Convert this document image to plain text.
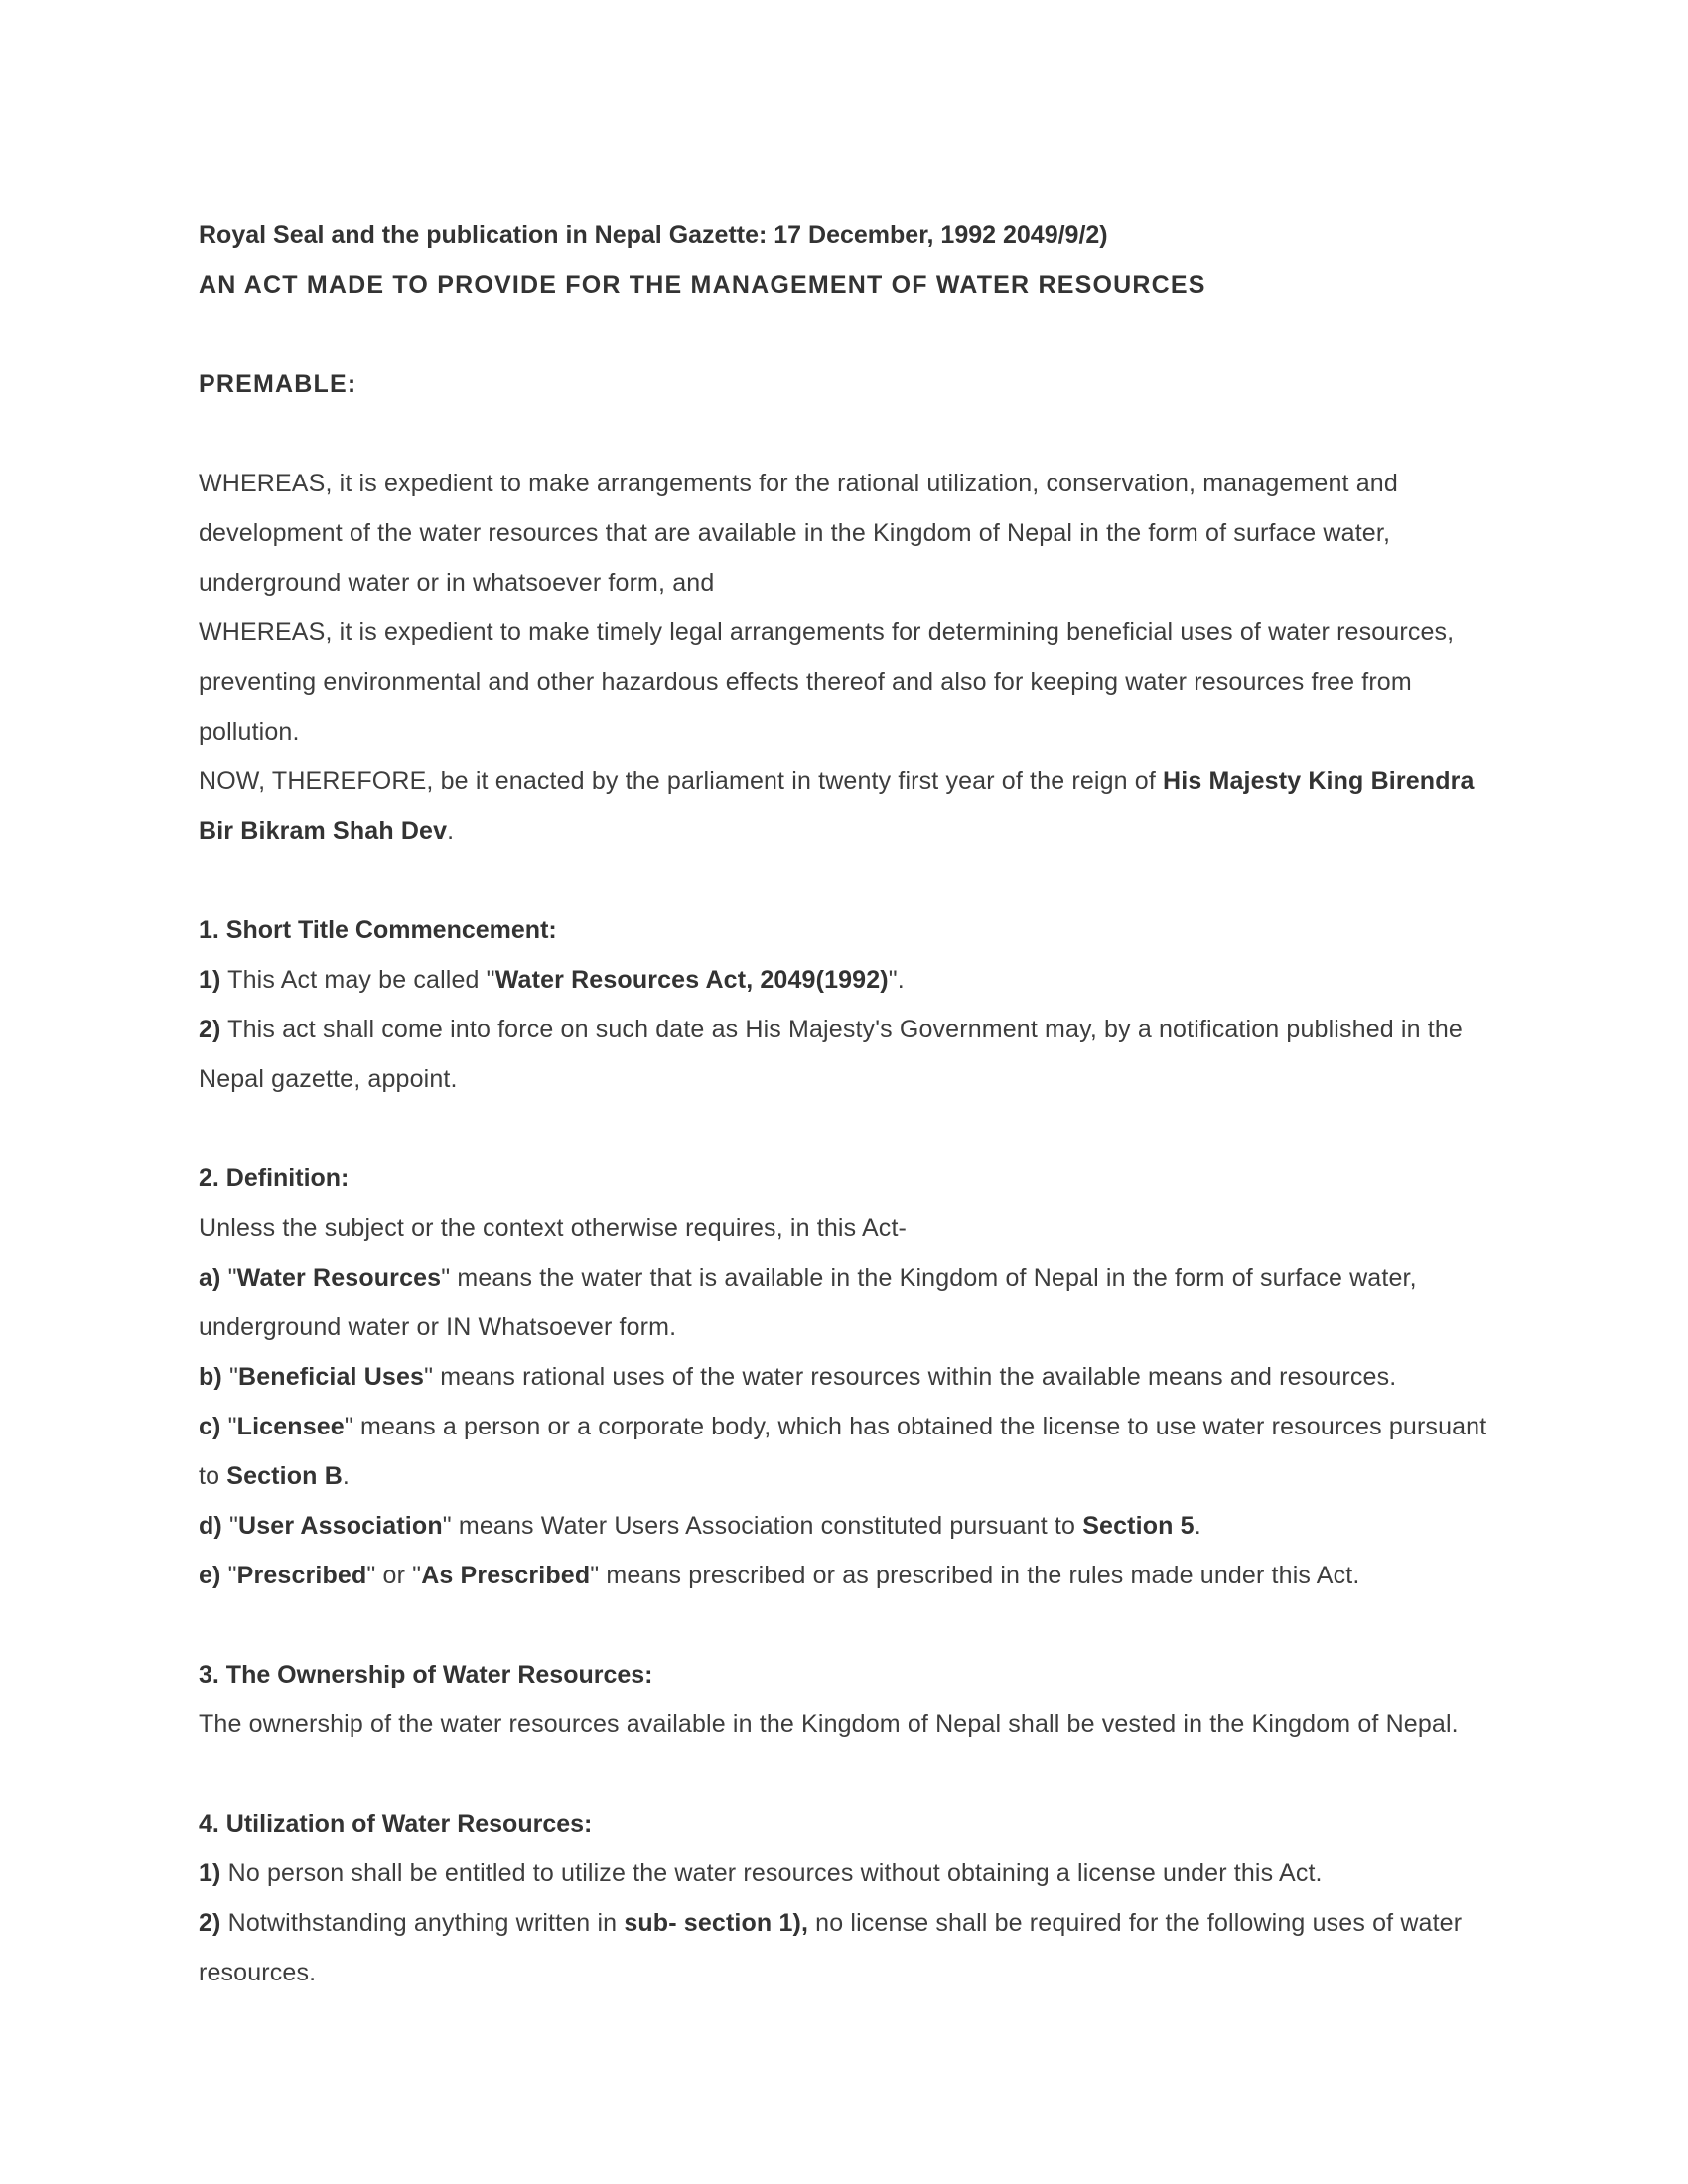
Royal Seal and the publication in Nepal Gazette: 17 December, 1992 2049/9/2)

AN ACT MADE TO PROVIDE FOR THE MANAGEMENT OF WATER RESOURCES

PREMABLE:

WHEREAS, it is expedient to make arrangements for the rational utilization, conservation, management and development of the water resources that are available in the Kingdom of Nepal in the form of surface water, underground water or in whatsoever form, and

WHEREAS, it is expedient to make timely legal arrangements for determining beneficial uses of water resources, preventing environmental and other hazardous effects thereof and also for keeping water resources free from pollution.

NOW, THEREFORE, be it enacted by the parliament in twenty first year of the reign of His Majesty King Birendra Bir Bikram Shah Dev.

1. Short Title Commencement:

1) This Act may be called "Water Resources Act, 2049(1992)".

2) This act shall come into force on such date as His Majesty's Government may, by a notification published in the Nepal gazette, appoint.

2. Definition:

Unless the subject or the context otherwise requires, in this Act-

a) "Water Resources" means the water that is available in the Kingdom of Nepal in the form of surface water, underground water or IN Whatsoever form.

b) "Beneficial Uses" means rational uses of the water resources within the available means and resources.

c) "Licensee" means a person or a corporate body, which has obtained the license to use water resources pursuant to Section B.

d) "User Association" means Water Users Association constituted pursuant to Section 5.

e) "Prescribed" or "As Prescribed" means prescribed or as prescribed in the rules made under this Act.

3. The Ownership of Water Resources:

The ownership of the water resources available in the Kingdom of Nepal shall be vested in the Kingdom of Nepal.

4. Utilization of Water Resources:

1) No person shall be entitled to utilize the water resources without obtaining a license under this Act.

2) Notwithstanding anything written in sub- section 1), no license shall be required for the following uses of water resources.
